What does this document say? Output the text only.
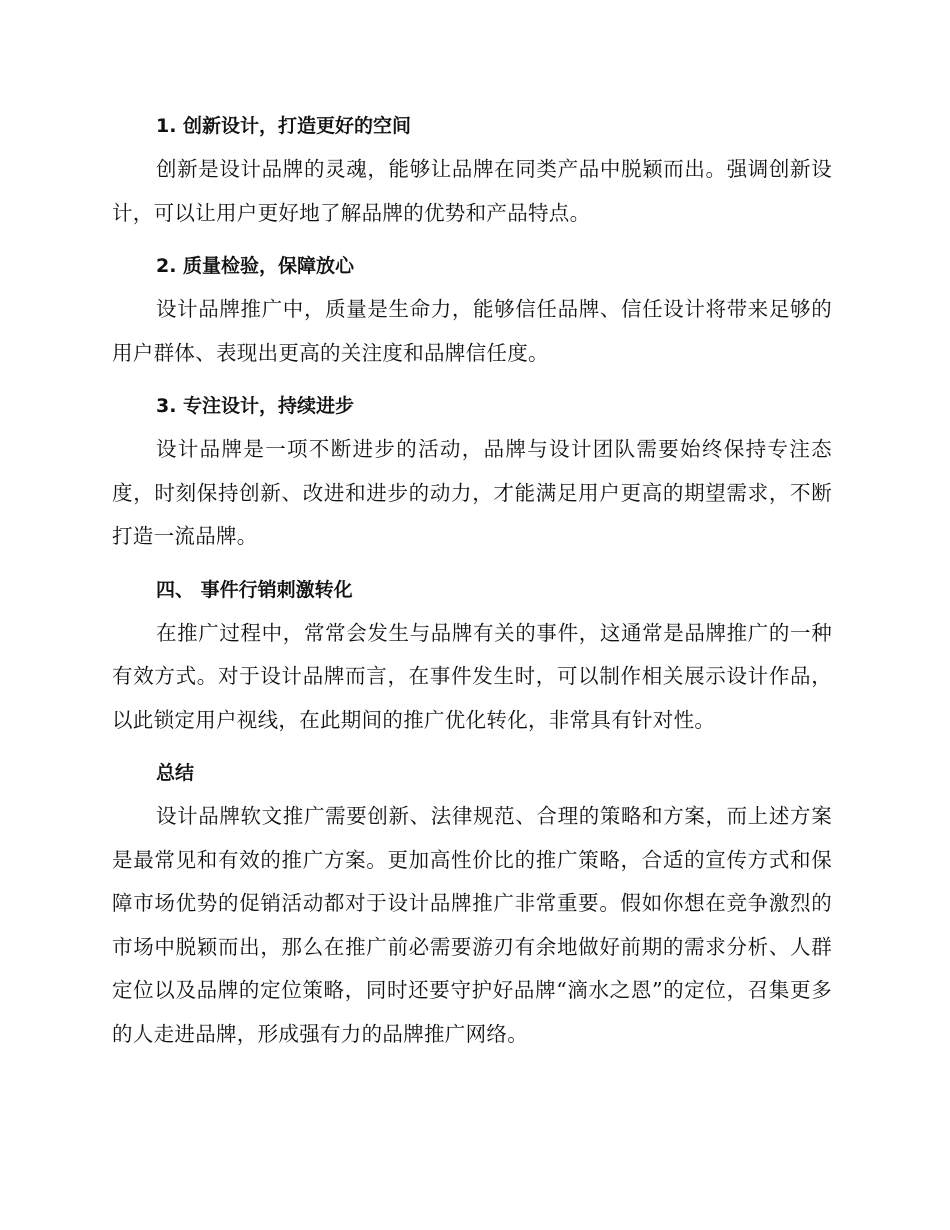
1. 创新设计，打造更好的空间

创新是设计品牌的灵魂，能够让品牌在同类产品中脱颖而出。强调创新设计，可以让用户更好地了解品牌的优势和产品特点。

2. 质量检验，保障放心

设计品牌推广中，质量是生命力，能够信任品牌、信任设计将带来足够的用户群体、表现出更高的关注度和品牌信任度。

3. 专注设计，持续进步

设计品牌是一项不断进步的活动，品牌与设计团队需要始终保持专注态度，时刻保持创新、改进和进步的动力，才能满足用户更高的期望需求，不断打造一流品牌。

四、 事件行销刺激转化

在推广过程中，常常会发生与品牌有关的事件，这通常是品牌推广的一种有效方式。对于设计品牌而言，在事件发生时，可以制作相关展示设计作品，以此锁定用户视线，在此期间的推广优化转化，非常具有针对性。

总结

设计品牌软文推广需要创新、法律规范、合理的策略和方案，而上述方案是最常见和有效的推广方案。更加高性价比的推广策略，合适的宣传方式和保障市场优势的促销活动都对于设计品牌推广非常重要。假如你想在竞争激烈的市场中脱颖而出，那么在推广前必需要游刃有余地做好前期的需求分析、人群定位以及品牌的定位策略，同时还要守护好品牌“滴水之恩”的定位，召集更多的人走进品牌，形成强有力的品牌推广网络。
